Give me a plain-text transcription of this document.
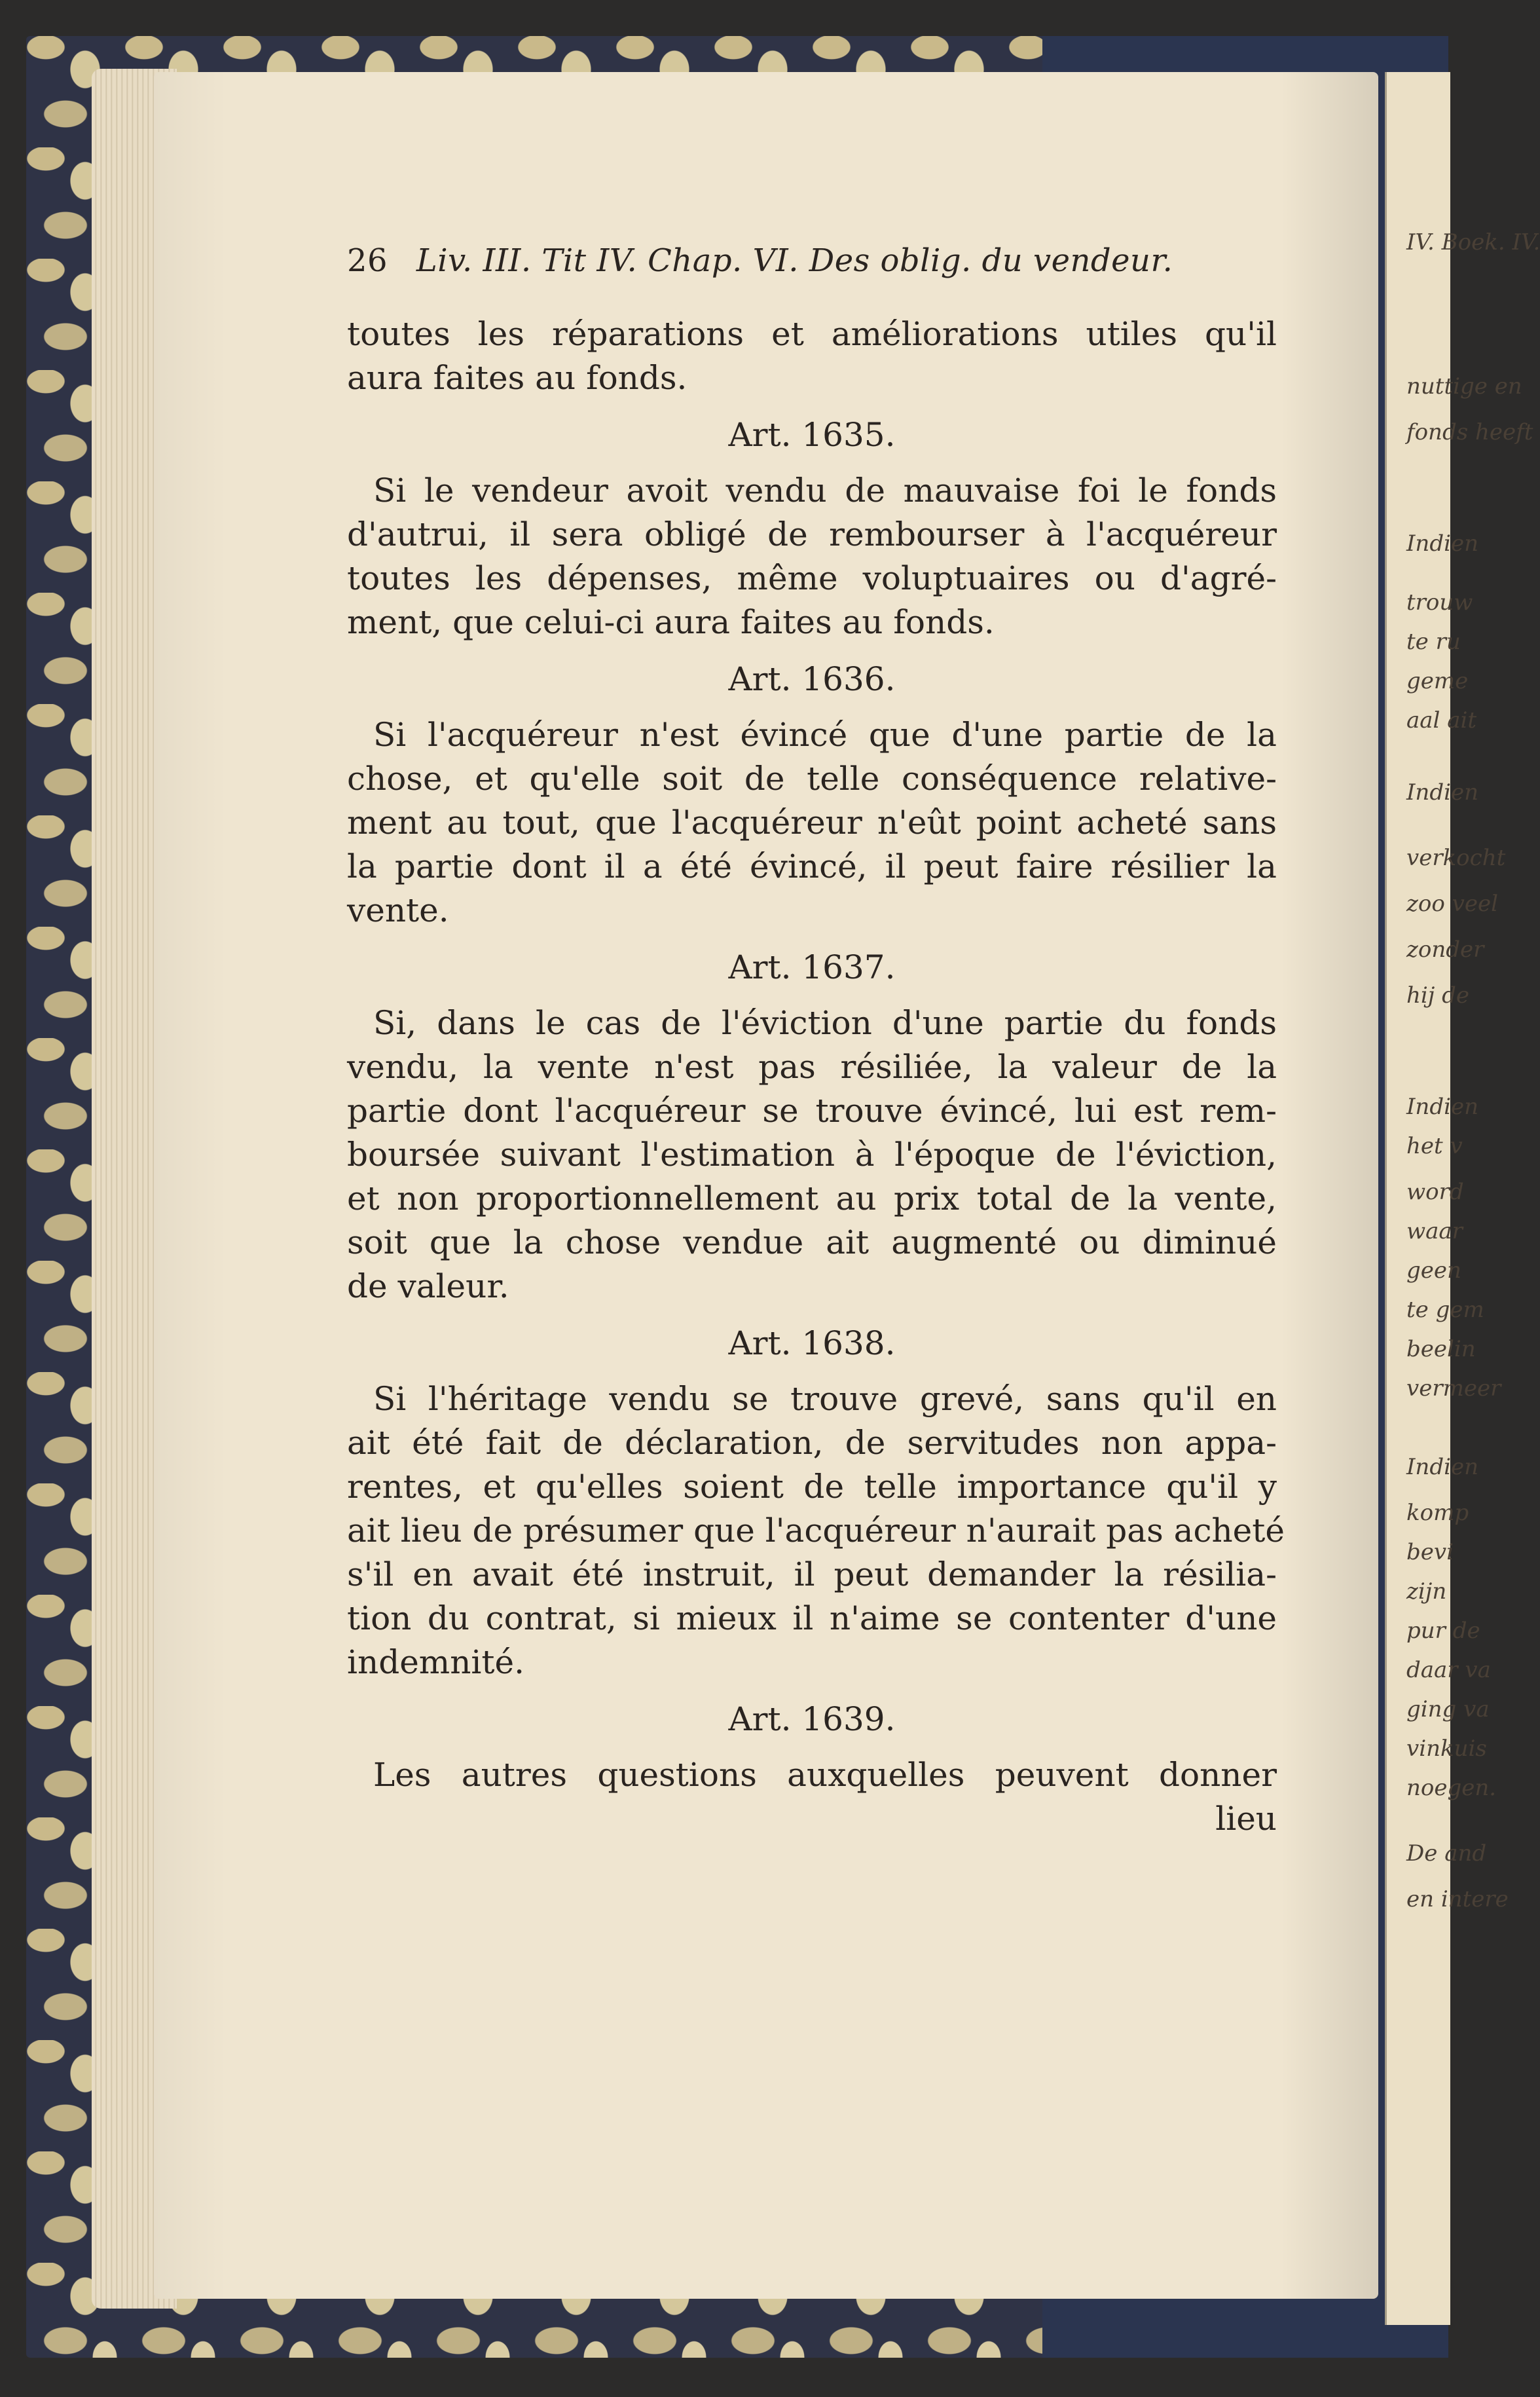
IV. Boek. IV.
nuttige en
fonds heeft
Indien
trouw
te ru
geme
aal ait
Indien
verkocht
zoo veel
zonder
hij de
Indien
het v
word
waar
geen
te gem
beelin
vermeer
Indien
komp
bevi
zijn
pur de
daar va
ging va
vinkuis
noegen.
De and
en intere
26 Liv. III. Tit IV. Chap. VI. Des oblig. du vendeur.
toutes les réparations et améliorations utiles qu'il
aura faites au fonds.
Art. 1635.
Si le vendeur avoit vendu de mauvaise foi le fonds
d'autrui, il sera obligé de rembourser à l'acquéreur
toutes les dépenses, même voluptuaires ou d'agré-
ment, que celui-ci aura faites au fonds.
Art. 1636.
Si l'acquéreur n'est évincé que d'une partie de la
chose, et qu'elle soit de telle conséquence relative-
ment au tout, que l'acquéreur n'eût point acheté sans
la partie dont il a été évincé, il peut faire résilier la
vente.
Art. 1637.
Si, dans le cas de l'éviction d'une partie du fonds
vendu, la vente n'est pas résiliée, la valeur de la
partie dont l'acquéreur se trouve évincé, lui est rem-
boursée suivant l'estimation à l'époque de l'éviction,
et non proportionnellement au prix total de la vente,
soit que la chose vendue ait augmenté ou diminué
de valeur.
Art. 1638.
Si l'héritage vendu se trouve grevé, sans qu'il en
ait été fait de déclaration, de servitudes non appa-
rentes, et qu'elles soient de telle importance qu'il y
ait lieu de présumer que l'acquéreur n'aurait pas acheté
s'il en avait été instruit, il peut demander la résilia-
tion du contrat, si mieux il n'aime se contenter d'une
indemnité.
Art. 1639.
Les autres questions auxquelles peuvent donner
lieu
